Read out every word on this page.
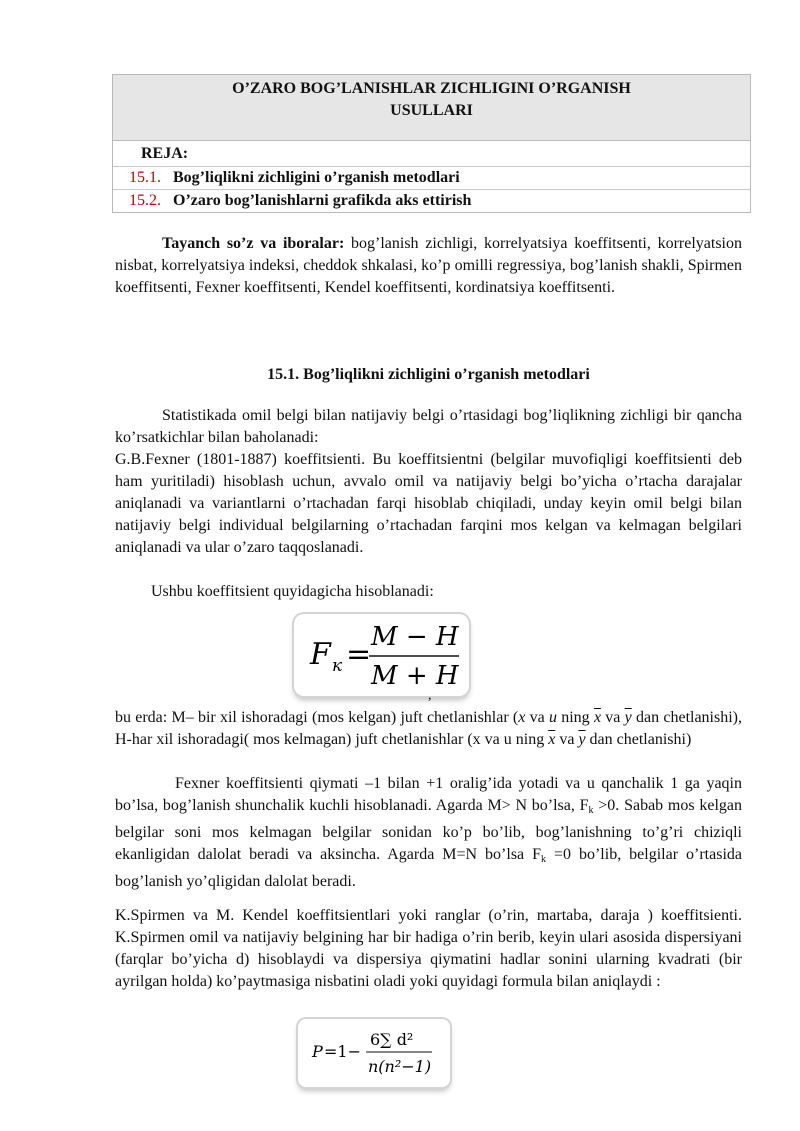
O’ZARO BOG’LANISHLAR ZICHLIGINI O’RGANISH
USULLARI
REJA:
15.1. Bog’liqlikni zichligini o’rganish metodlari
15.2. O’zaro bog’lanishlarni grafikda aks ettirish

Tayanch so’z va iboralar: bog’lanish zichligi, korrelyatsiya koeffitsenti, korrelyatsion nisbat, korrelyatsiya indeksi, cheddok shkalasi, ko’p omilli regressiya, bog’lanish shakli, Spirmen koeffitsenti, Fexner koeffitsenti, Kendel koeffitsenti, kordinatsiya koeffitsenti.

15.1. Bog’liqlikni zichligini o’rganish metodlari

Statistikada omil belgi bilan natijaviy belgi o’rtasidagi bog’liqlikning zichligi bir qancha ko’rsatkichlar bilan baholanadi:

G.B.Fexner (1801-1887) koeffitsienti. Bu koeffitsientni (belgilar muvofiqligi koeffitsienti deb ham yuritiladi) hisoblash uchun, avvalo omil va natijaviy belgi bo’yicha o’rtacha darajalar aniqlanadi va variantlarni o’rtachadan farqi hisoblab chiqiladi, unday keyin omil belgi bilan natijaviy belgi individual belgilarning o’rtachadan farqini mos kelgan va kelmagan belgilari aniqlanadi va ular o’zaro taqqoslanadi.

Ushbu koeffitsient quyidagicha hisoblanadi:

F к = M − H
M + H
,

bu erda: M– bir xil ishoradagi (mos kelgan) juft chetlanishlar (x va u ning $\overline{x}$ va $\overline{y}$ dan chetlanishi), H-har xil ishoradagi( mos kelmagan) juft chetlanishlar (x va u ning $\overline{x}$ va $\overline{y}$ dan chetlanishi)

Fexner koeffitsienti qiymati –1 bilan +1 oralig’ida yotadi va u qanchalik 1 ga yaqin bo’lsa, bog’lanish shunchalik kuchli hisoblanadi. Agarda M> N bo’lsa, $F_k >0$. Sabab mos kelgan belgilar soni mos kelmagan belgilar sonidan ko’p bo’lib, bog’lanishning to’g’ri chiziqli ekanligidan dalolat beradi va aksincha. Agarda M=N bo’lsa $F_k =0$ bo’lib, belgilar o’rtasida bog’lanish yo’qligidan dalolat beradi.

K.Spirmen va M. Kendel koeffitsientlari yoki ranglar (o’rin, martaba, daraja ) koeffitsienti. K.Spirmen omil va natijaviy belgining har bir hadiga o’rin berib, keyin ulari asosida dispersiyani (farqlar bo’yicha d) hisoblaydi va dispersiya qiymatini hadlar sonini ularning kvadrati (bir ayrilgan holda) ko’paytmasiga nisbatini oladi yoki quyidagi formula bilan aniqlaydi :

P =1−
6∑ d²
n(n²−1)
